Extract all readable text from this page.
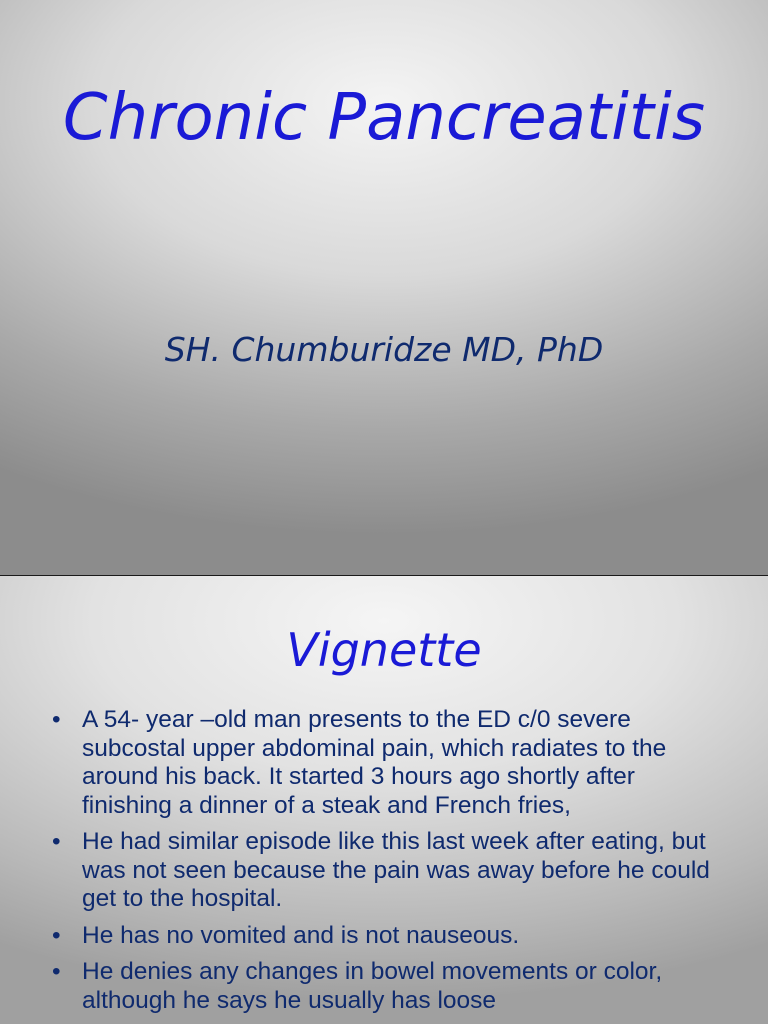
Chronic Pancreatitis

SH. Chumburidze MD, PhD

Vignette
• A 54- year –old man presents to the ED c/0 severe subcostal upper abdominal pain, which radiates to the around his back. It started 3 hours ago shortly after finishing a dinner of a steak and French fries,
• He had similar episode like this last week after eating, but was not seen because the pain was away before he could get to the hospital.
• He has no vomited and is not nauseous.
• He denies any changes in bowel movements or color, although he says he usually has loose
